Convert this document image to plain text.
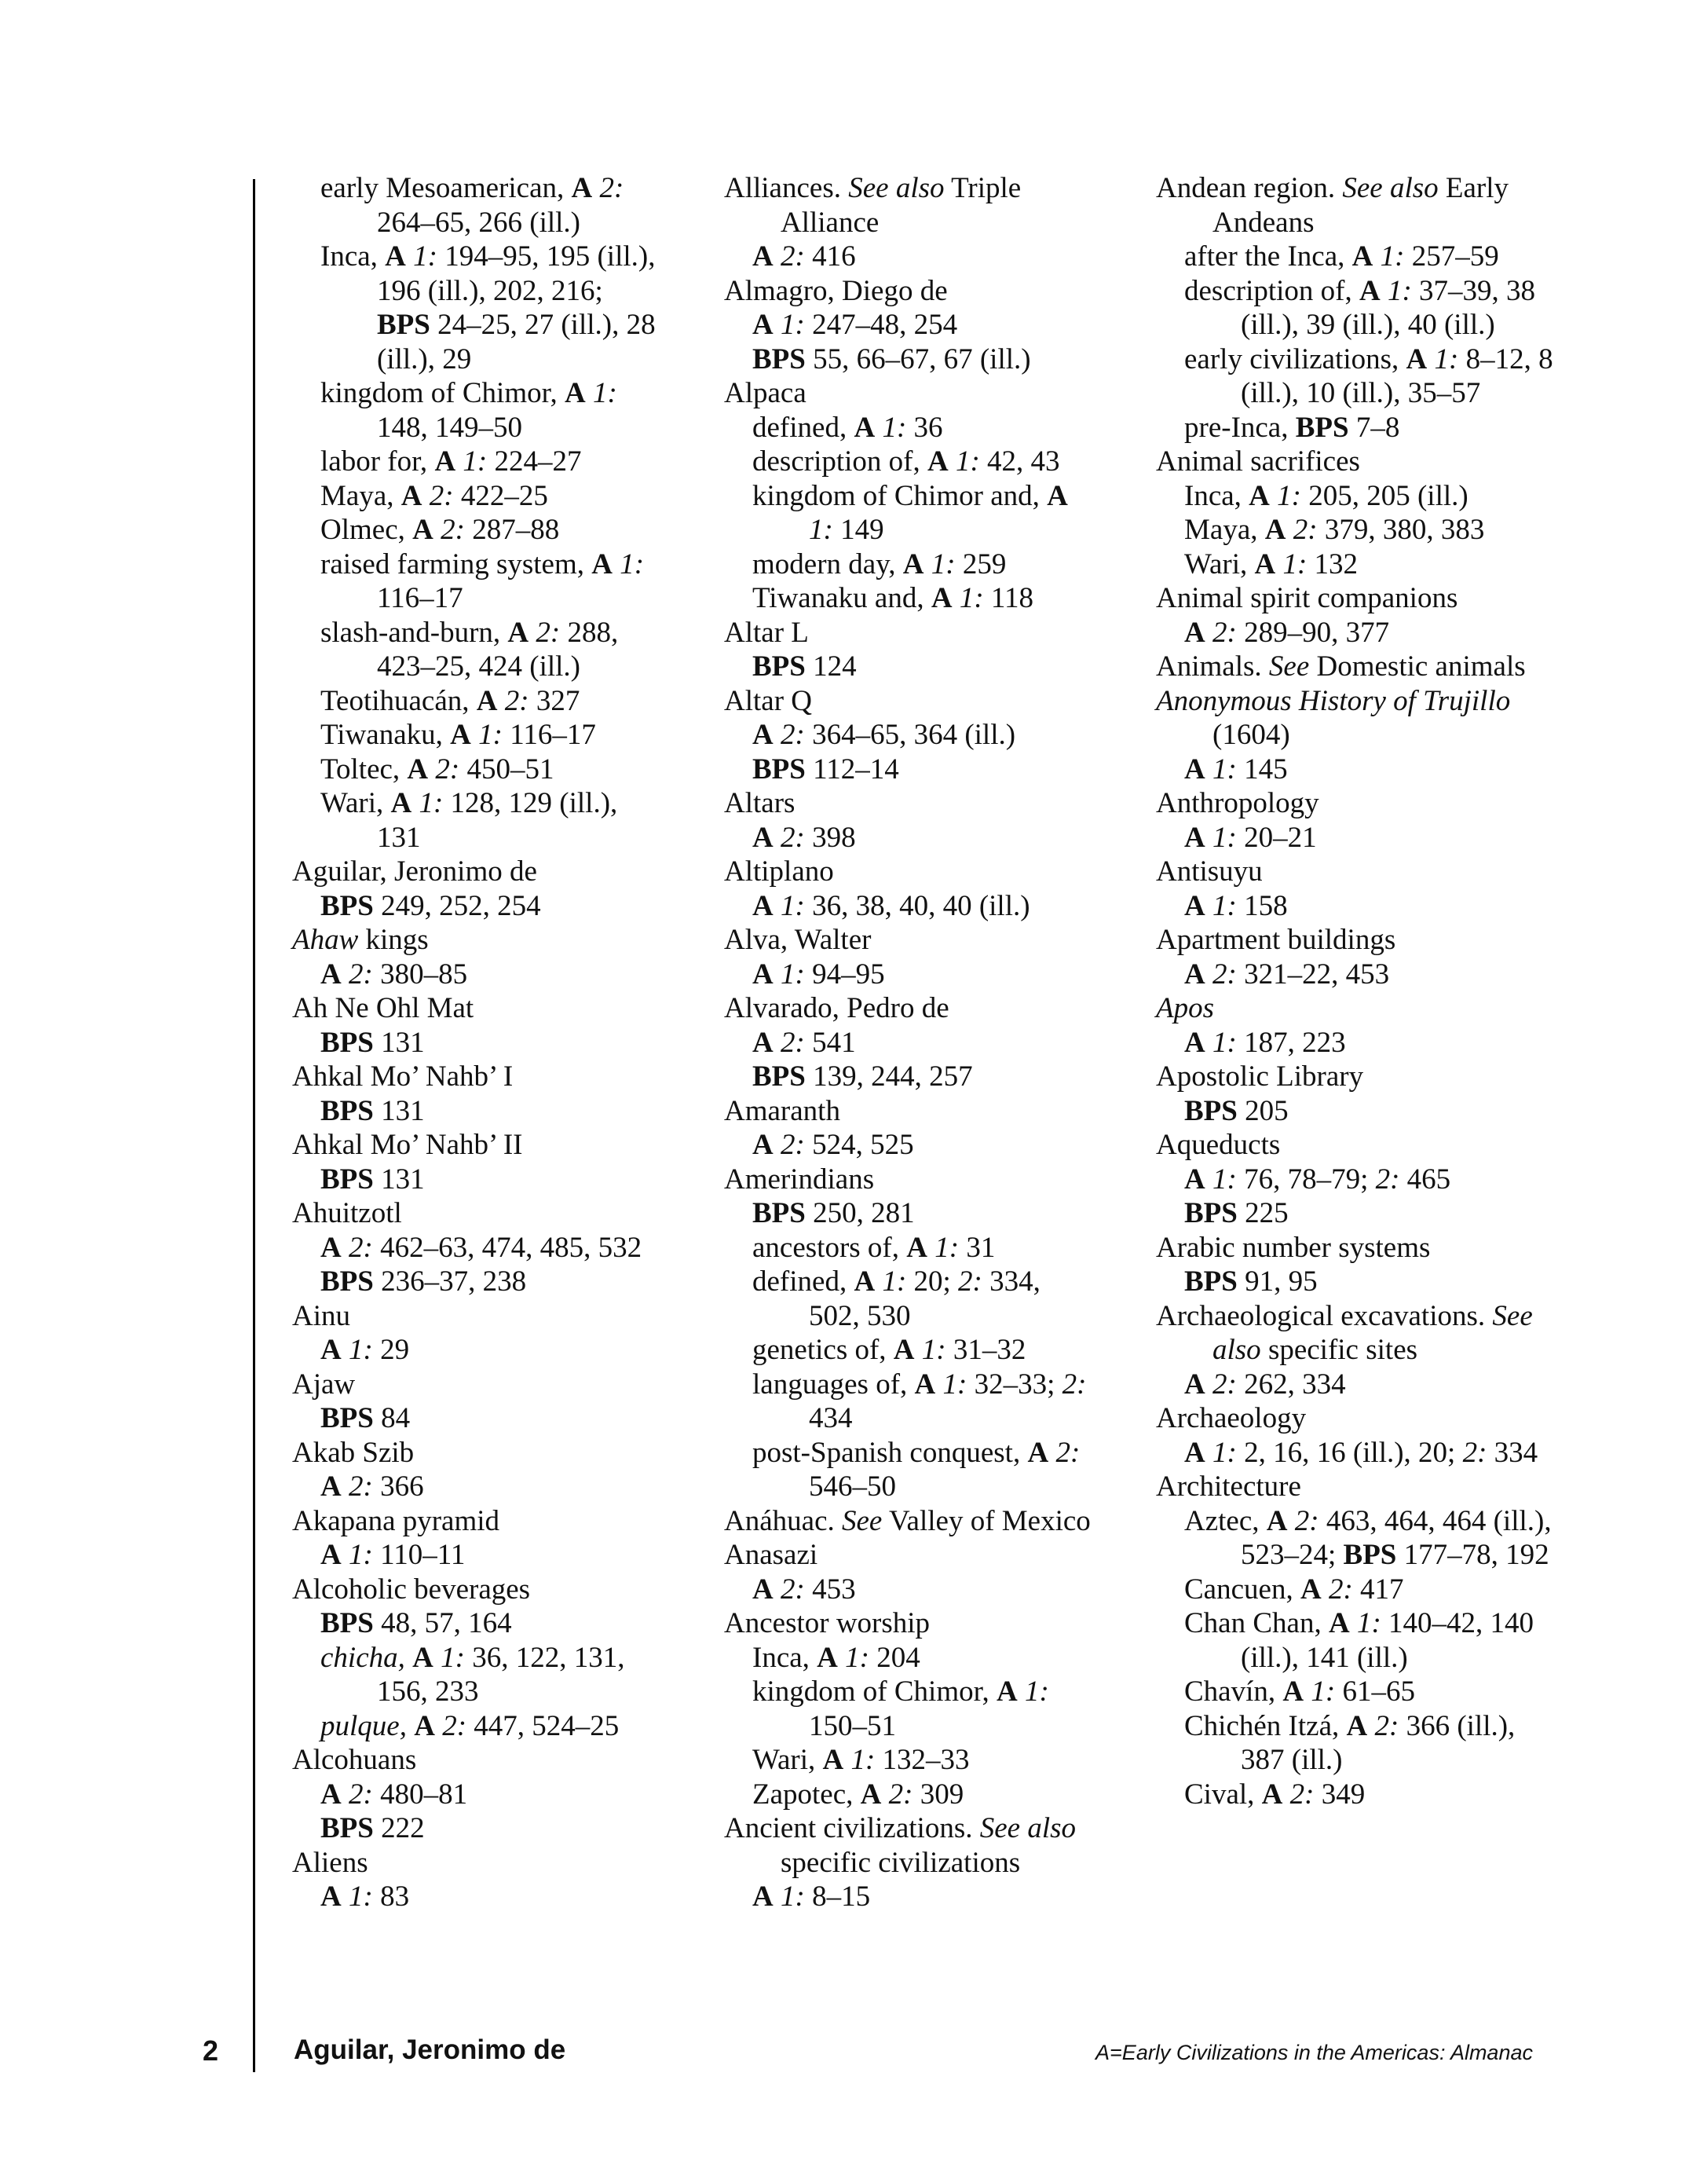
early Mesoamerican, A 2: 264–65, 266 (ill.)
Inca, A 1: 194–95, 195 (ill.), 196 (ill.), 202, 216; BPS 24–25, 27 (ill.), 28 (ill.), 29
kingdom of Chimor, A 1: 148, 149–50
labor for, A 1: 224–27
Maya, A 2: 422–25
Olmec, A 2: 287–88
raised farming system, A 1: 116–17
slash-and-burn, A 2: 288, 423–25, 424 (ill.)
Teotihuacán, A 2: 327
Tiwanaku, A 1: 116–17
Toltec, A 2: 450–51
Wari, A 1: 128, 129 (ill.), 131
Aguilar, Jeronimo de
BPS 249, 252, 254
Ahaw kings
A 2: 380–85
Ah Ne Ohl Mat
BPS 131
Ahkal Mo’ Nahb’ I
BPS 131
Ahkal Mo’ Nahb’ II
BPS 131
Ahuitzotl
A 2: 462–63, 474, 485, 532
BPS 236–37, 238
Ainu
A 1: 29
Ajaw
BPS 84
Akab Szib
A 2: 366
Akapana pyramid
A 1: 110–11
Alcoholic beverages
BPS 48, 57, 164
chicha, A 1: 36, 122, 131, 156, 233
pulque, A 2: 447, 524–25
Alcohuans
A 2: 480–81
BPS 222
Aliens
A 1: 83
Alliances. See also Triple Alliance
A 2: 416
Almagro, Diego de
A 1: 247–48, 254
BPS 55, 66–67, 67 (ill.)
Alpaca
defined, A 1: 36
description of, A 1: 42, 43
kingdom of Chimor and, A 1: 149
modern day, A 1: 259
Tiwanaku and, A 1: 118
Altar L
BPS 124
Altar Q
A 2: 364–65, 364 (ill.)
BPS 112–14
Altars
A 2: 398
Altiplano
A 1: 36, 38, 40, 40 (ill.)
Alva, Walter
A 1: 94–95
Alvarado, Pedro de
A 2: 541
BPS 139, 244, 257
Amaranth
A 2: 524, 525
Amerindians
BPS 250, 281
ancestors of, A 1: 31
defined, A 1: 20; 2: 334, 502, 530
genetics of, A 1: 31–32
languages of, A 1: 32–33; 2: 434
post-Spanish conquest, A 2: 546–50
Anáhuac. See Valley of Mexico
Anasazi
A 2: 453
Ancestor worship
Inca, A 1: 204
kingdom of Chimor, A 1: 150–51
Wari, A 1: 132–33
Zapotec, A 2: 309
Ancient civilizations. See also specific civilizations
A 1: 8–15
Andean region. See also Early Andeans
after the Inca, A 1: 257–59
description of, A 1: 37–39, 38 (ill.), 39 (ill.), 40 (ill.)
early civilizations, A 1: 8–12, 8 (ill.), 10 (ill.), 35–57
pre-Inca, BPS 7–8
Animal sacrifices
Inca, A 1: 205, 205 (ill.)
Maya, A 2: 379, 380, 383
Wari, A 1: 132
Animal spirit companions
A 2: 289–90, 377
Animals. See Domestic animals
Anonymous History of Trujillo (1604)
A 1: 145
Anthropology
A 1: 20–21
Antisuyu
A 1: 158
Apartment buildings
A 2: 321–22, 453
Apos
A 1: 187, 223
Apostolic Library
BPS 205
Aqueducts
A 1: 76, 78–79; 2: 465
BPS 225
Arabic number systems
BPS 91, 95
Archaeological excavations. See also specific sites
A 2: 262, 334
Archaeology
A 1: 2, 16, 16 (ill.), 20; 2: 334
Architecture
Aztec, A 2: 463, 464, 464 (ill.), 523–24; BPS 177–78, 192
Cancuen, A 2: 417
Chan Chan, A 1: 140–42, 140 (ill.), 141 (ill.)
Chavín, A 1: 61–65
Chichén Itzá, A 2: 366 (ill.), 387 (ill.)
Cival, A 2: 349
2	Aguilar, Jeronimo de	A=Early Civilizations in the Americas: Almanac
